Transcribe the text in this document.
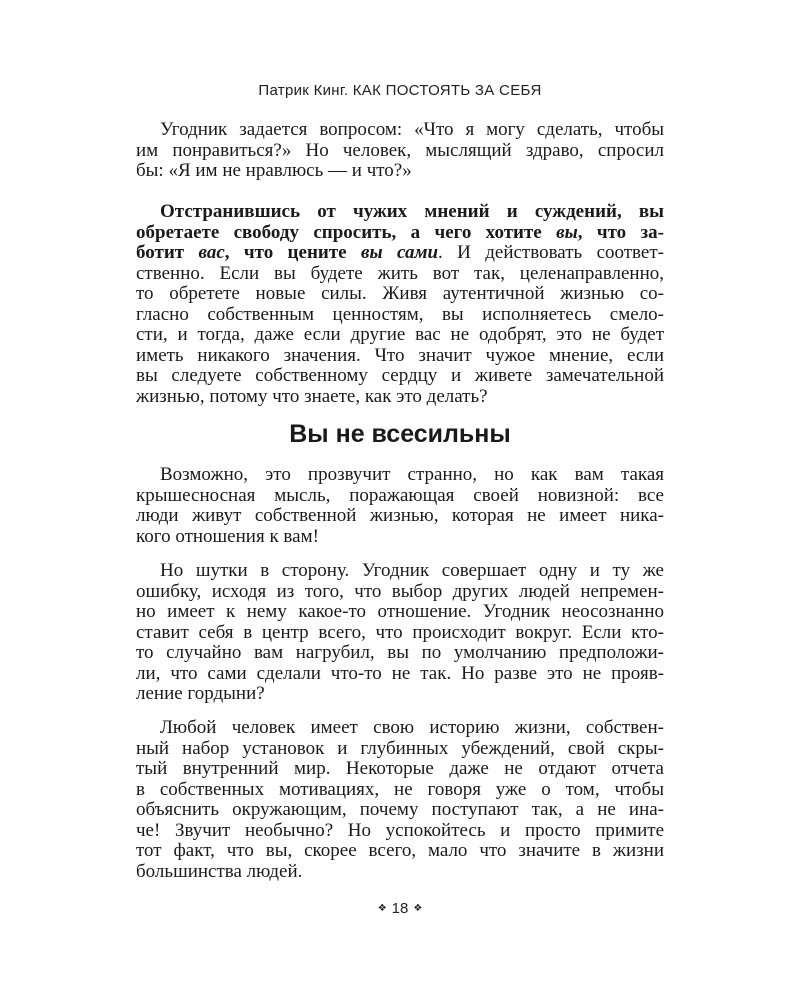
Патрик Кинг. КАК ПОСТОЯТЬ ЗА СЕБЯ
Угодник задается вопросом: «Что я могу сделать, чтобы
им понравиться?» Но человек, мыслящий здраво, спросил
бы: «Я им не нравлюсь — и что?»
Отстранившись от чужих мнений и суждений, вы
обретаете свободу спросить, а чего хотите вы, что за-
ботит вас, что цените вы сами. И действовать соответ-
ственно. Если вы будете жить вот так, целенаправленно,
то обретете новые силы. Живя аутентичной жизнью со-
гласно собственным ценностям, вы исполняетесь смело-
сти, и тогда, даже если другие вас не одобрят, это не будет
иметь никакого значения. Что значит чужое мнение, если
вы следуете собственному сердцу и живете замечательной
жизнью, потому что знаете, как это делать?
Вы не всесильны
Возможно, это прозвучит странно, но как вам такая
крышесносная мысль, поражающая своей новизной: все
люди живут собственной жизнью, которая не имеет ника-
кого отношения к вам!
Но шутки в сторону. Угодник совершает одну и ту же
ошибку, исходя из того, что выбор других людей непремен-
но имеет к нему какое-то отношение. Угодник неосознанно
ставит себя в центр всего, что происходит вокруг. Если кто-
то случайно вам нагрубил, вы по умолчанию предположи-
ли, что сами сделали что-то не так. Но разве это не прояв-
ление гордыни?
Любой человек имеет свою историю жизни, собствен-
ный набор установок и глубинных убеждений, свой скры-
тый внутренний мир. Некоторые даже не отдают отчета
в собственных мотивациях, не говоря уже о том, чтобы
объяснить окружающим, почему поступают так, а не ина-
че! Звучит необычно? Но успокойтесь и просто примите
тот факт, что вы, скорее всего, мало что значите в жизни
большинства людей.
❖ 18 ❖
